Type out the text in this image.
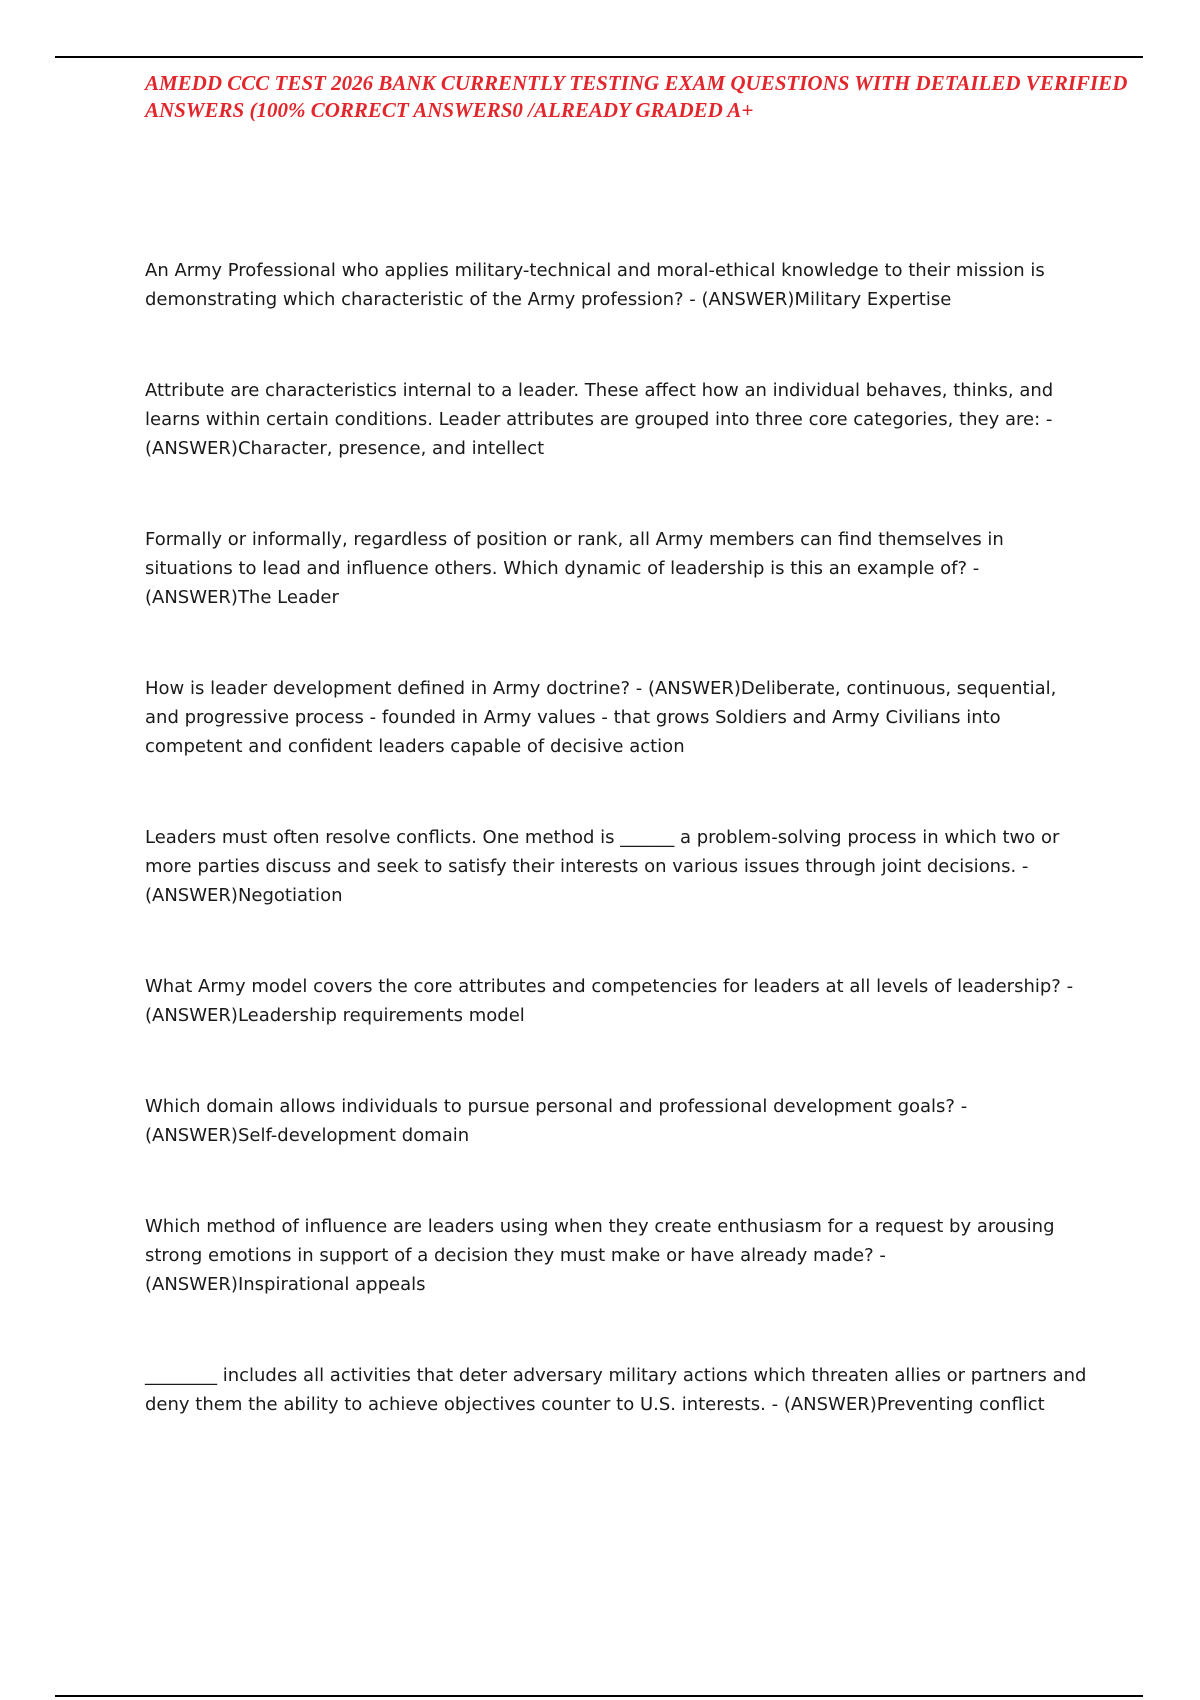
AMEDD CCC TEST 2026 BANK CURRENTLY TESTING EXAM QUESTIONS WITH DETAILED VERIFIED ANSWERS (100% CORRECT ANSWERS0 /ALREADY GRADED A+
An Army Professional who applies military-technical and moral-ethical knowledge to their mission is demonstrating which characteristic of the Army profession? - (ANSWER)Military Expertise
Attribute are characteristics internal to a leader. These affect how an individual behaves, thinks, and learns within certain conditions. Leader attributes are grouped into three core categories, they are: - (ANSWER)Character, presence, and intellect
Formally or informally, regardless of position or rank, all Army members can find themselves in situations to lead and influence others. Which dynamic of leadership is this an example of? - (ANSWER)The Leader
How is leader development defined in Army doctrine? - (ANSWER)Deliberate, continuous, sequential, and progressive process - founded in Army values - that grows Soldiers and Army Civilians into competent and confident leaders capable of decisive action
Leaders must often resolve conflicts. One method is ______ a problem-solving process in which two or more parties discuss and seek to satisfy their interests on various issues through joint decisions. - (ANSWER)Negotiation
What Army model covers the core attributes and competencies for leaders at all levels of leadership? - (ANSWER)Leadership requirements model
Which domain allows individuals to pursue personal and professional development goals? - (ANSWER)Self-development domain
Which method of influence are leaders using when they create enthusiasm for a request by arousing strong emotions in support of a decision they must make or have already made? - (ANSWER)Inspirational appeals
________ includes all activities that deter adversary military actions which threaten allies or partners and deny them the ability to achieve objectives counter to U.S. interests. - (ANSWER)Preventing conflict
